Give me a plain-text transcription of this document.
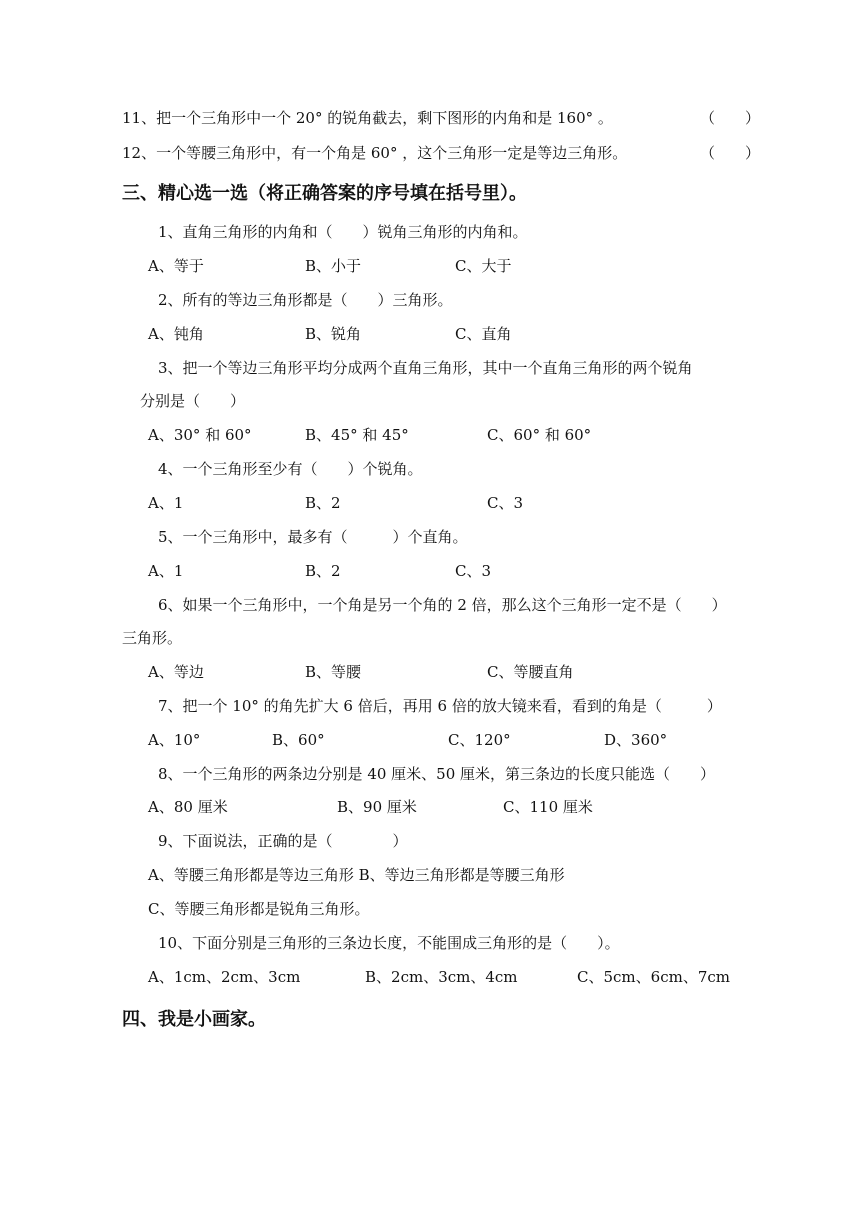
11、把一个三角形中一个 20° 的锐角截去，剩下图形的内角和是 160° 。	（　　）
12、一个等腰三角形中，有一个角是 60° ，这个三角形一定是等边三角形。	（　　）
三、精心选一选（将正确答案的序号填在括号里）。
1、直角三角形的内角和（　　）锐角三角形的内角和。
A、等于	B、小于	C、大于
2、所有的等边三角形都是（　　）三角形。
A、钝角	B、锐角	C、直角
3、把一个等边三角形平均分成两个直角三角形，其中一个直角三角形的两个锐角
分别是（　　）
A、30° 和 60°	B、45° 和 45°	C、60° 和 60°
4、一个三角形至少有（　　）个锐角。
A、1	B、2	C、3
5、一个三角形中，最多有（　　　）个直角。
A、1	B、2	C、3
6、如果一个三角形中，一个角是另一个角的 2 倍，那么这个三角形一定不是（　　）
三角形。
A、等边	B、等腰	C、等腰直角
7、把一个 10° 的角先扩大 6 倍后，再用 6 倍的放大镜来看，看到的角是（　　　）
A、10°	B、60°	C、120°	D、360°
8、一个三角形的两条边分别是 40 厘米、50 厘米，第三条边的长度只能选（　　）
A、80 厘米	B、90 厘米	C、110 厘米
9、下面说法，正确的是（　　　　）
A、等腰三角形都是等边三角形 B、等边三角形都是等腰三角形
C、等腰三角形都是锐角三角形。
10、下面分别是三角形的三条边长度，不能围成三角形的是（　　）。
A、1cm、2cm、3cm	B、2cm、3cm、4cm	C、5cm、6cm、7cm
四、我是小画家。
